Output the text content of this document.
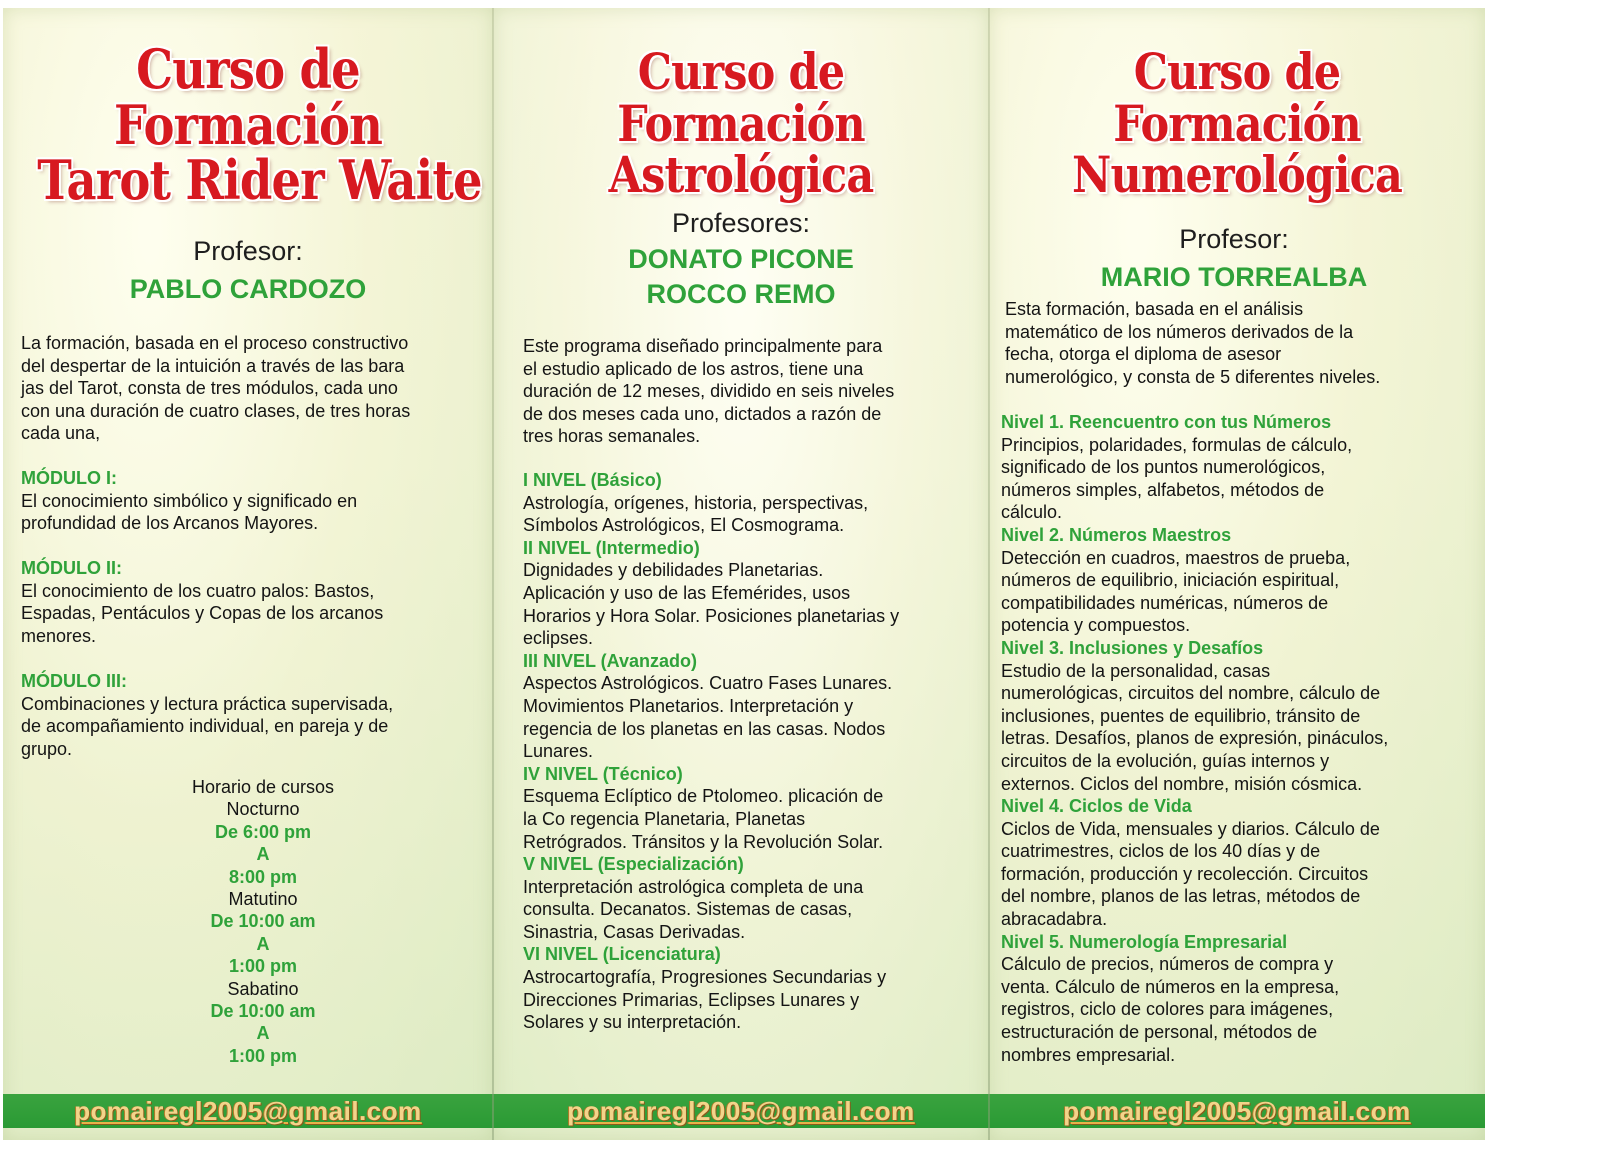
Curso de
Formación
Tarot Rider Waite

Profesor:

PABLO CARDOZO

La formación, basada en el proceso constructivo

del despertar de la intuición a través de las bara

jas del Tarot, consta de tres módulos, cada uno

con una duración de cuatro clases, de tres horas

cada una,

MÓDULO I:

El conocimiento simbólico y significado en

profundidad de los Arcanos Mayores.

MÓDULO II:

El conocimiento de los cuatro palos: Bastos,

Espadas, Pentáculos y Copas de los arcanos

menores.

MÓDULO III:

Combinaciones y lectura práctica supervisada,

de acompañamiento individual, en pareja y de

grupo.

Horario de cursos
Nocturno
De 6:00 pm
A
8:00 pm
Matutino
De 10:00 am
A
1:00 pm
Sabatino
De 10:00 am
A
1:00 pm
pomairegl2005@gmail.com
Curso de
Formación
Astrológica

Profesores:

DONATO PICONE

ROCCO REMO

Este programa diseñado principalmente para

el estudio aplicado de los astros, tiene una

duración de 12 meses, dividido en seis niveles

de dos meses cada uno, dictados a razón de

tres horas semanales.

I NIVEL (Básico)

Astrología, orígenes, historia, perspectivas,

Símbolos Astrológicos, El Cosmograma.

II NIVEL (Intermedio)

Dignidades y debilidades Planetarias.

Aplicación y uso de las Efemérides, usos

Horarios y Hora Solar. Posiciones planetarias y

eclipses.

III NIVEL (Avanzado)

Aspectos Astrológicos. Cuatro Fases Lunares.

Movimientos Planetarios. Interpretación y

regencia de los planetas en las casas. Nodos

Lunares.

IV NIVEL (Técnico)

Esquema Eclíptico de Ptolomeo. plicación de

la Co regencia Planetaria, Planetas

Retrógrados. Tránsitos y la Revolución Solar.

V NIVEL (Especialización)

Interpretación astrológica completa de una

consulta. Decanatos. Sistemas de casas,

Sinastria, Casas Derivadas.

VI NIVEL (Licenciatura)

Astrocartografía, Progresiones Secundarias y

Direcciones Primarias, Eclipses Lunares y

Solares y su interpretación.

pomairegl2005@gmail.com
Curso de
Formación
Numerológica

Profesor:

MARIO TORREALBA

Esta formación, basada en el análisis

matemático de los números derivados de la

fecha, otorga el diploma de asesor

numerológico, y consta de 5 diferentes niveles.

Nivel 1. Reencuentro con tus Números

Principios, polaridades, formulas de cálculo,

significado de los puntos numerológicos,

números simples, alfabetos, métodos de

cálculo.

Nivel 2. Números Maestros

Detección en cuadros, maestros de prueba,

números de equilibrio, iniciación espiritual,

compatibilidades numéricas, números de

potencia y compuestos.

Nivel 3. Inclusiones y Desafíos

Estudio de la personalidad, casas

numerológicas, circuitos del nombre, cálculo de

inclusiones, puentes de equilibrio, tránsito de

letras. Desafíos, planos de expresión, pináculos,

circuitos de la evolución, guías internos y

externos. Ciclos del nombre, misión cósmica.

Nivel 4. Ciclos de Vida

Ciclos de Vida, mensuales y diarios. Cálculo de

cuatrimestres, ciclos de los 40 días y de

formación, producción y recolección. Circuitos

del nombre, planos de las letras, métodos de

abracadabra.

Nivel 5. Numerología Empresarial

Cálculo de precios, números de compra y

venta. Cálculo de números en la empresa,

registros, ciclo de colores para imágenes,

estructuración de personal, métodos de

nombres empresarial.

pomairegl2005@gmail.com
